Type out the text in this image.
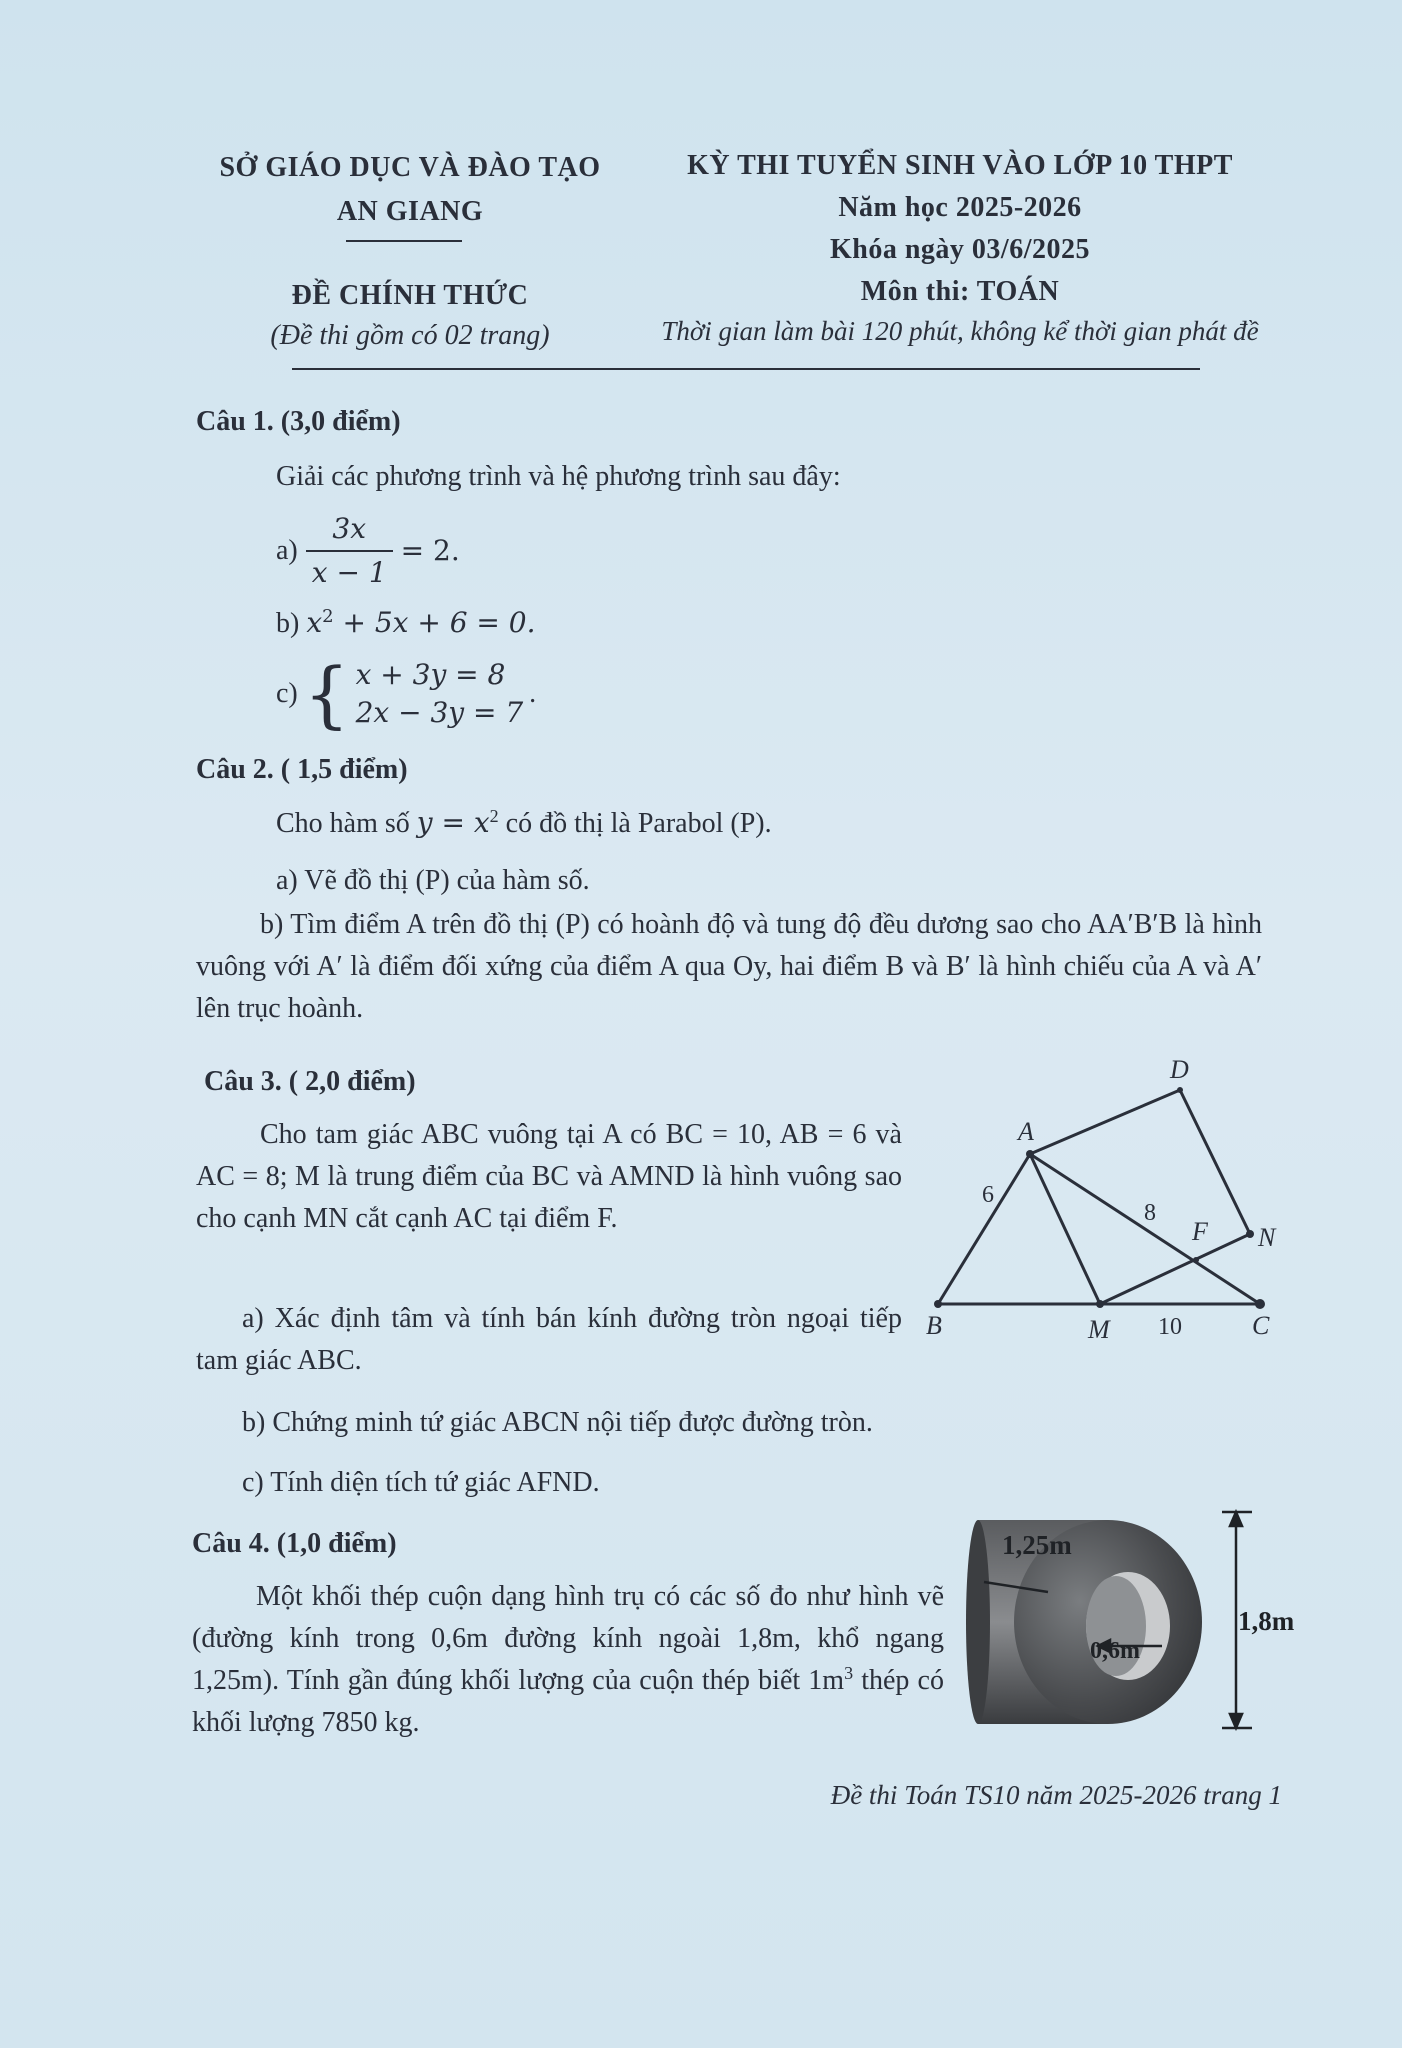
SỞ GIÁO DỤC VÀ ĐÀO TẠO
AN GIANG
ĐỀ CHÍNH THỨC
(Đề thi gồm có 02 trang)
KỲ THI TUYỂN SINH VÀO LỚP 10 THPT
Năm học 2025-2026
Khóa ngày 03/6/2025
Môn thi: TOÁN
Thời gian làm bài 120 phút, không kể thời gian phát đề
Câu 1. (3,0 điểm)
Giải các phương trình và hệ phương trình sau đây:
$a) \frac{3x}{x - 1} = 2$.
b) $x^2 + 5x + 6 = 0$.
c) { x + 3y = 8
2x − 3y = 7
.
Câu 2. ( 1,5 điểm)
Cho hàm số $y = x^2$ có đồ thị là Parabol (P).
a) Vẽ đồ thị (P) của hàm số.
b) Tìm điểm A trên đồ thị (P) có hoành độ và tung độ đều dương sao cho AA′B′B là hình vuông với A′ là điểm đối xứng của điểm A qua Oy, hai điểm B và B′ là hình chiếu của A và A′ lên trục hoành.
Câu 3. ( 2,0 điểm)
Cho tam giác ABC vuông tại A có BC = 10, AB = 6 và AC = 8; M là trung điểm của BC và AMND là hình vuông sao cho cạnh MN cắt cạnh AC tại điểm F.
a) Xác định tâm và tính bán kính đường tròn ngoại tiếp tam giác ABC.
b) Chứng minh tứ giác ABCN nội tiếp được đường tròn.
c) Tính diện tích tứ giác AFND.
D
A
6
8
F N
B	M 10	C
Câu 4. (1,0 điểm)
Một khối thép cuộn dạng hình trụ có các số đo như hình vẽ (đường kính trong 0,6m đường kính ngoài 1,8m, khổ ngang 1,25m). Tính gần đúng khối lượng của cuộn thép biết $1m^3$ thép có khối lượng 7850 kg.
1,25m
1,8m
0,6m
Đề thi Toán TS10 năm 2025-2026 trang 1
